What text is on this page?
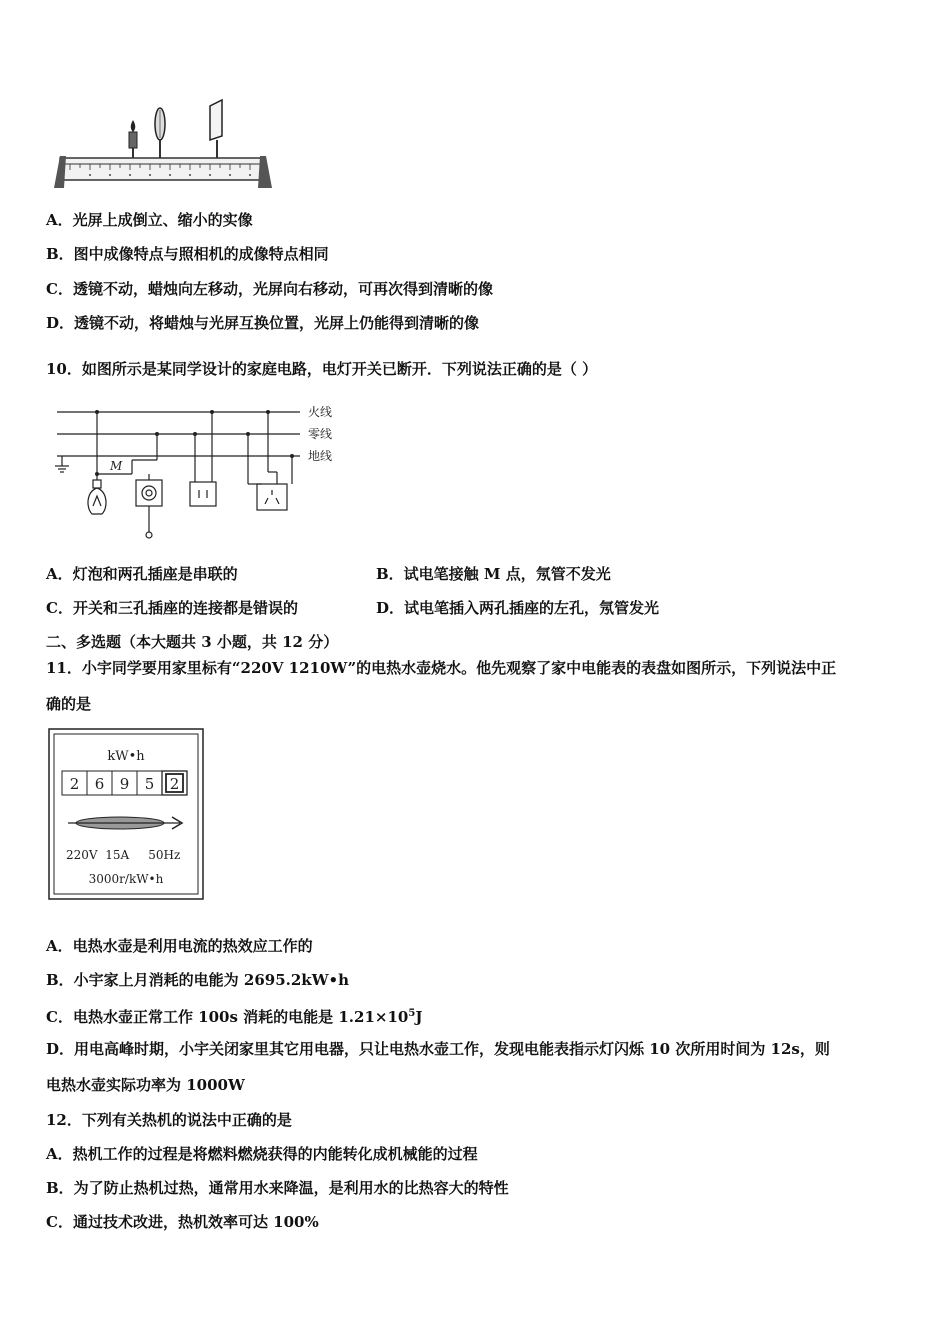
A．光屏上成倒立、缩小的实像
B．图中成像特点与照相机的成像特点相同
C．透镜不动，蜡烛向左移动，光屏向右移动，可再次得到清晰的像
D．透镜不动，将蜡烛与光屏互换位置，光屏上仍能得到清晰的像
10．如图所示是某同学设计的家庭电路，电灯开关已断开．下列说法正确的是（ ）
M
火线
零线
地线
A．灯泡和两孔插座是串联的	B．试电笔接触 M 点，氖管不发光
C．开关和三孔插座的连接都是错误的	D．试电笔插入两孔插座的左孔，氖管发光
二、多选题（本大题共 3 小题，共 12 分）
11．小宇同学要用家里标有“220V 1210W”的电热水壶烧水。他先观察了家中电能表的表盘如图所示，下列说法中正
确的是
kW•h
2 6 9 5 2
220V  15A     50Hz
3000r/kW•h
A．电热水壶是利用电流的热效应工作的
B．小宇家上月消耗的电能为 2695.2kW•h
C．电热水壶正常工作 100s 消耗的电能是 $1.21\times 10^5J$
D．用电高峰时期，小宇关闭家里其它用电器，只让电热水壶工作，发现电能表指示灯闪烁 10 次所用时间为 12s，则
电热水壶实际功率为 1000W
12．下列有关热机的说法中正确的是
A．热机工作的过程是将燃料燃烧获得的内能转化成机械能的过程
B．为了防止热机过热，通常用水来降温，是利用水的比热容大的特性
C．通过技术改进，热机效率可达 100%
